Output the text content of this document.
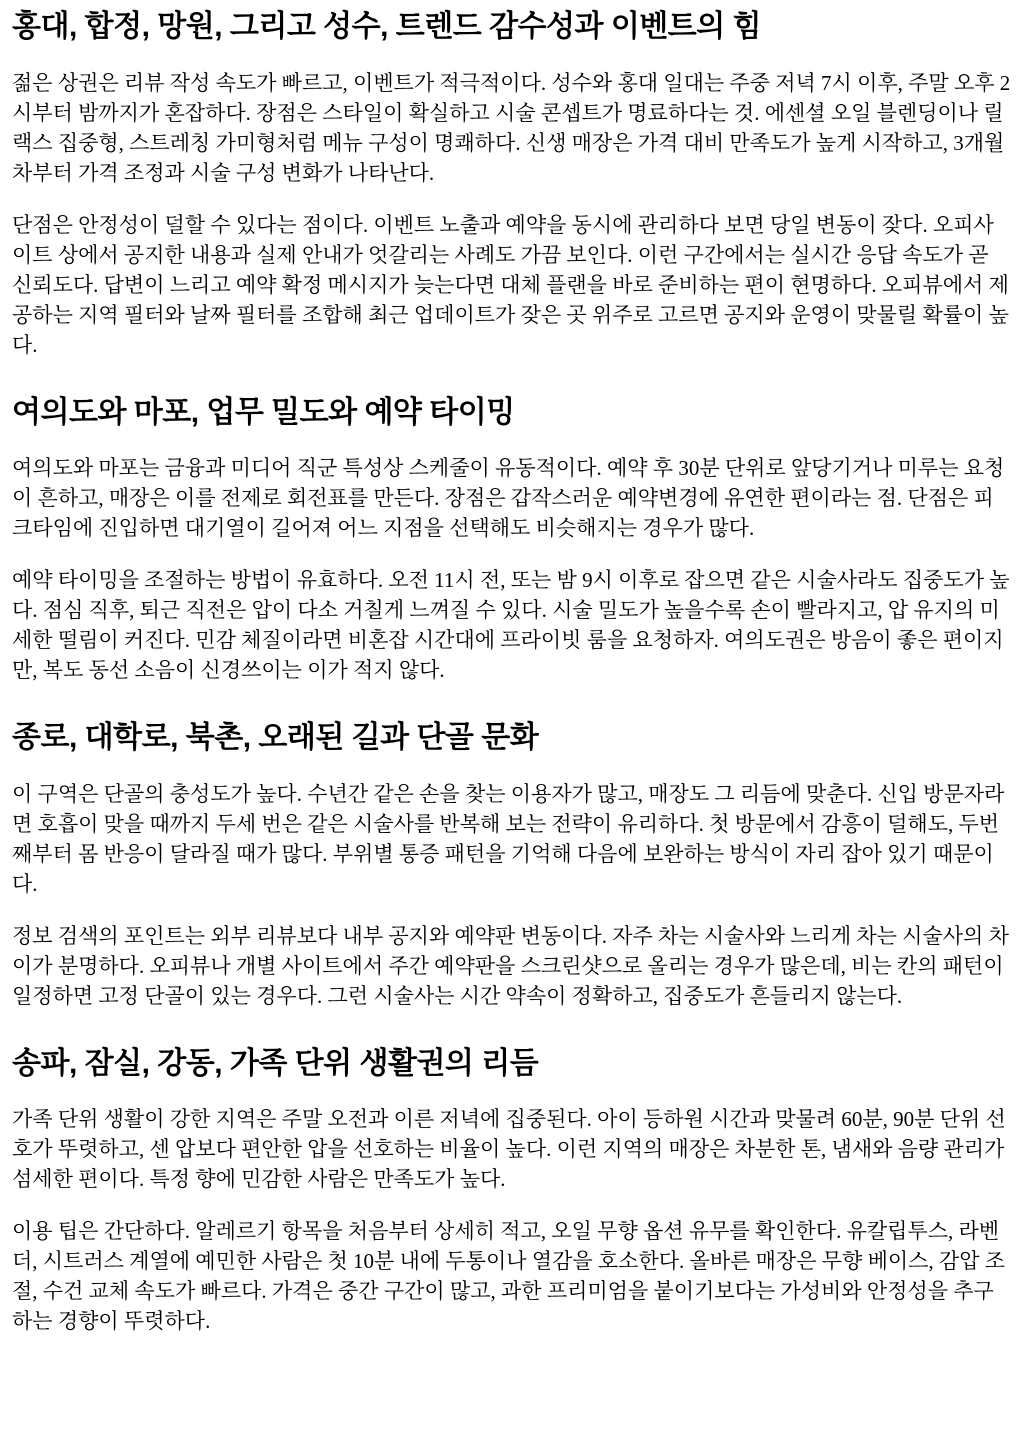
홍대, 합정, 망원, 그리고 성수, 트렌드 감수성과 이벤트의 힘

젊은 상권은 리뷰 작성 속도가 빠르고, 이벤트가 적극적이다. 성수와 홍대 일대는 주중 저녁 7시 이후, 주말 오후 2시부터 밤까지가 혼잡하다. 장점은 스타일이 확실하고 시술 콘셉트가 명료하다는 것. 에센셜 오일 블렌딩이나 릴랙스 집중형, 스트레칭 가미형처럼 메뉴 구성이 명쾌하다. 신생 매장은 가격 대비 만족도가 높게 시작하고, 3개월 차부터 가격 조정과 시술 구성 변화가 나타난다.

단점은 안정성이 덜할 수 있다는 점이다. 이벤트 노출과 예약을 동시에 관리하다 보면 당일 변동이 잦다. 오피사이트 상에서 공지한 내용과 실제 안내가 엇갈리는 사례도 가끔 보인다. 이런 구간에서는 실시간 응답 속도가 곧 신뢰도다. 답변이 느리고 예약 확정 메시지가 늦는다면 대체 플랜을 바로 준비하는 편이 현명하다. 오피뷰에서 제공하는 지역 필터와 날짜 필터를 조합해 최근 업데이트가 잦은 곳 위주로 고르면 공지와 운영이 맞물릴 확률이 높다.

여의도와 마포, 업무 밀도와 예약 타이밍

여의도와 마포는 금융과 미디어 직군 특성상 스케줄이 유동적이다. 예약 후 30분 단위로 앞당기거나 미루는 요청이 흔하고, 매장은 이를 전제로 회전표를 만든다. 장점은 갑작스러운 예약변경에 유연한 편이라는 점. 단점은 피크타임에 진입하면 대기열이 길어져 어느 지점을 선택해도 비슷해지는 경우가 많다.

예약 타이밍을 조절하는 방법이 유효하다. 오전 11시 전, 또는 밤 9시 이후로 잡으면 같은 시술사라도 집중도가 높다. 점심 직후, 퇴근 직전은 압이 다소 거칠게 느껴질 수 있다. 시술 밀도가 높을수록 손이 빨라지고, 압 유지의 미세한 떨림이 커진다. 민감 체질이라면 비혼잡 시간대에 프라이빗 룸을 요청하자. 여의도권은 방음이 좋은 편이지만, 복도 동선 소음이 신경쓰이는 이가 적지 않다.

종로, 대학로, 북촌, 오래된 길과 단골 문화

이 구역은 단골의 충성도가 높다. 수년간 같은 손을 찾는 이용자가 많고, 매장도 그 리듬에 맞춘다. 신입 방문자라면 호흡이 맞을 때까지 두세 번은 같은 시술사를 반복해 보는 전략이 유리하다. 첫 방문에서 감흥이 덜해도, 두번째부터 몸 반응이 달라질 때가 많다. 부위별 통증 패턴을 기억해 다음에 보완하는 방식이 자리 잡아 있기 때문이다.

정보 검색의 포인트는 외부 리뷰보다 내부 공지와 예약판 변동이다. 자주 차는 시술사와 느리게 차는 시술사의 차이가 분명하다. 오피뷰나 개별 사이트에서 주간 예약판을 스크린샷으로 올리는 경우가 많은데, 비는 칸의 패턴이 일정하면 고정 단골이 있는 경우다. 그런 시술사는 시간 약속이 정확하고, 집중도가 흔들리지 않는다.

송파, 잠실, 강동, 가족 단위 생활권의 리듬

가족 단위 생활이 강한 지역은 주말 오전과 이른 저녁에 집중된다. 아이 등하원 시간과 맞물려 60분, 90분 단위 선호가 뚜렷하고, 센 압보다 편안한 압을 선호하는 비율이 높다. 이런 지역의 매장은 차분한 톤, 냄새와 음량 관리가 섬세한 편이다. 특정 향에 민감한 사람은 만족도가 높다.

이용 팁은 간단하다. 알레르기 항목을 처음부터 상세히 적고, 오일 무향 옵션 유무를 확인한다. 유칼립투스, 라벤더, 시트러스 계열에 예민한 사람은 첫 10분 내에 두통이나 열감을 호소한다. 올바른 매장은 무향 베이스, 감압 조절, 수건 교체 속도가 빠르다. 가격은 중간 구간이 많고, 과한 프리미엄을 붙이기보다는 가성비와 안정성을 추구하는 경향이 뚜렷하다.
